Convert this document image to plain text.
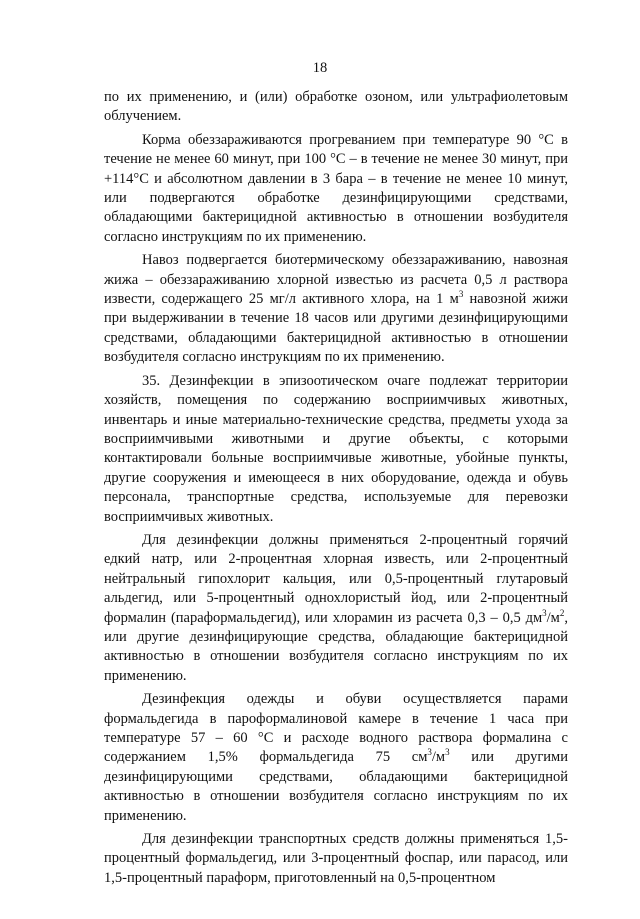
18

по их применению, и (или) обработке озоном, или ультрафиолетовым облучением.

Корма обеззараживаются прогреванием при температуре 90 °C в течение не менее 60 минут, при 100 °C – в течение не менее 30 минут, при +114°C и абсолютном давлении в 3 бара – в течение не менее 10 минут, или подвергаются обработке дезинфицирующими средствами, обладающими бактерицидной активностью в отношении возбудителя согласно инструкциям по их применению.

Навоз подвергается биотермическому обеззараживанию, навозная жижа – обеззараживанию хлорной известью из расчета 0,5 л раствора извести, содержащего 25 мг/л активного хлора, на 1 $м^3$ навозной жижи при выдерживании в течение 18 часов или другими дезинфицирующими средствами, обладающими бактерицидной активностью в отношении возбудителя согласно инструкциям по их применению.

35. Дезинфекции в эпизоотическом очаге подлежат территории хозяйств, помещения по содержанию восприимчивых животных, инвентарь и иные материально-технические средства, предметы ухода за восприимчивыми животными и другие объекты, с которыми контактировали больные восприимчивые животные, убойные пункты, другие сооружения и имеющееся в них оборудование, одежда и обувь персонала, транспортные средства, используемые для перевозки восприимчивых животных.

Для дезинфекции должны применяться 2-процентный горячий едкий натр, или 2-процентная хлорная известь, или 2-процентный нейтральный гипохлорит кальция, или 0,5-процентный глутаровый альдегид, или 5-процентный однохлористый йод, или 2-процентный формалин (параформальдегид), или хлорамин из расчета 0,3 – 0,5 $дм^3/м^2$, или другие дезинфицирующие средства, обладающие бактерицидной активностью в отношении возбудителя согласно инструкциям по их применению.

Дезинфекция одежды и обуви осуществляется парами формальдегида в пароформалиновой камере в течение 1 часа при температуре 57 – 60 °C и расходе водного раствора формалина с содержанием 1,5% формальдегида 75 $см^3/м^3$ или другими дезинфицирующими средствами, обладающими бактерицидной активностью в отношении возбудителя согласно инструкциям по их применению.

Для дезинфекции транспортных средств должны применяться 1,5-процентный формальдегид, или 3-процентный фоспар, или парасод, или 1,5-процентный параформ, приготовленный на 0,5-процентном
